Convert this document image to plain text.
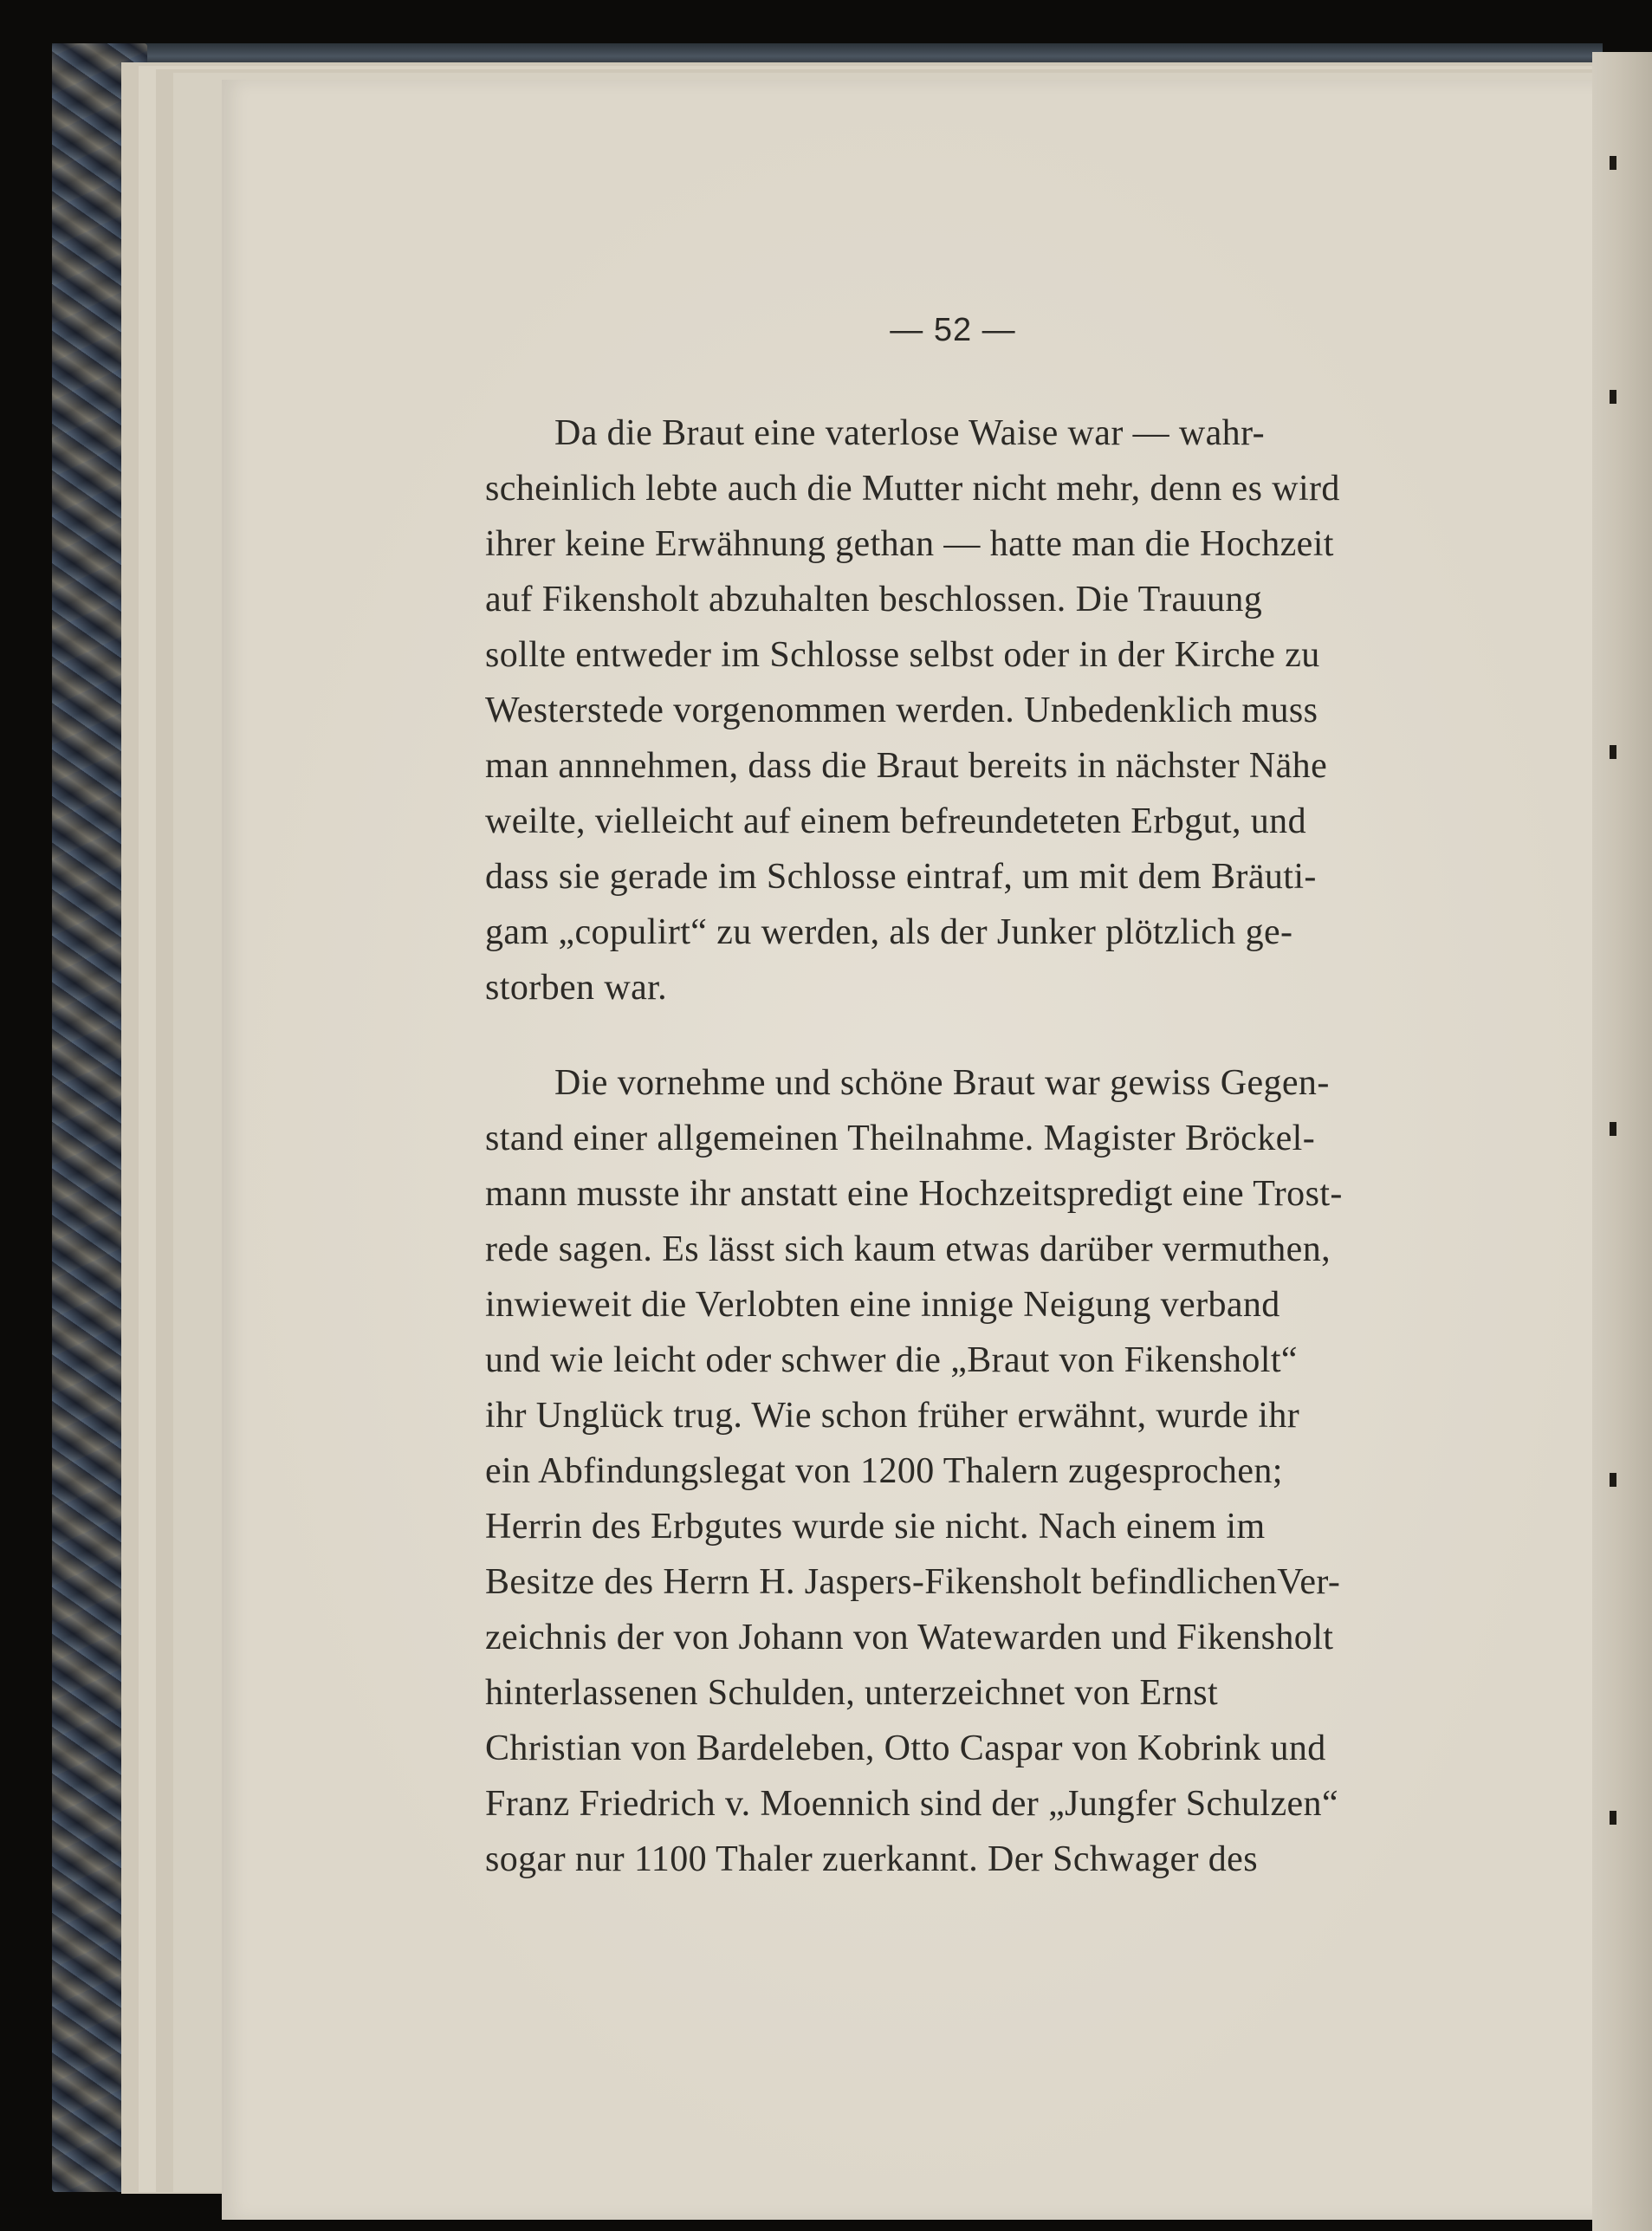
— 52 —
Da die Braut eine vaterlose Waise war — wahr-
scheinlich lebte auch die Mutter nicht mehr, denn es wird
ihrer keine Erwähnung gethan — hatte man die Hochzeit
auf Fikensholt abzuhalten beschlossen. Die Trauung
sollte entweder im Schlosse selbst oder in der Kirche zu
Westerstede vorgenommen werden. Unbedenklich muss
man annnehmen, dass die Braut bereits in nächster Nähe
weilte, vielleicht auf einem befreundeteten Erbgut, und
dass sie gerade im Schlosse eintraf, um mit dem Bräuti-
gam „copulirt“ zu werden, als der Junker plötzlich ge-
storben war.
Die vornehme und schöne Braut war gewiss Gegen-
stand einer allgemeinen Theilnahme. Magister Bröckel-
mann musste ihr anstatt eine Hochzeitspredigt eine Trost-
rede sagen. Es lässt sich kaum etwas darüber vermuthen,
inwieweit die Verlobten eine innige Neigung verband
und wie leicht oder schwer die „Braut von Fikensholt“
ihr Unglück trug. Wie schon früher erwähnt, wurde ihr
ein Abfindungslegat von 1200 Thalern zugesprochen;
Herrin des Erbgutes wurde sie nicht. Nach einem im
Besitze des Herrn H. Jaspers-Fikensholt befindlichenVer-
zeichnis der von Johann von Watewarden und Fikensholt
hinterlassenen Schulden, unterzeichnet von Ernst
Christian von Bardeleben, Otto Caspar von Kobrink und
Franz Friedrich v. Moennich sind der „Jungfer Schulzen“
sogar nur 1100 Thaler zuerkannt. Der Schwager des
